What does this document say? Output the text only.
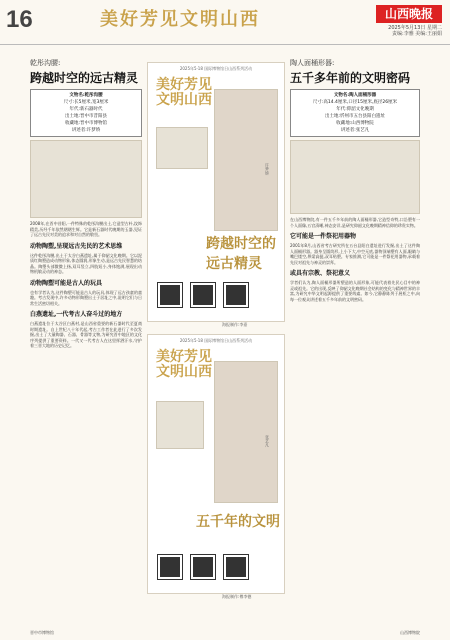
16	美好芳见文明山西	山西晚报
2025年5月13日 星期二
责编:李雅 美编:王丽娟
乾彤沟腰:
跨越时空的远古精灵
文物名:乾彤沟腰
尺寸:长5厘米,宽3厘米
年代:新石器时代
出土地:晋中市昔阳县
收藏地:晋中市博物馆
讲述者:许梦娇
2008年,在晋中昔阳,一件特殊的乾彤沟腰出土,它造型古朴,纹饰精美,历经千年依然熠熠生辉。它是新石器时代晚期的玉器,见证了远古先民对美的追求和对自然的敬畏。
动物陶塑,呈现远古先民的艺术思维
这件乾彤沟腰,出土于太谷白燕遗址,属于仰韶文化晚期。它以泥质红陶塑造成动物形象,体态圆润,形象生动,是远古先民智慧的结晶。陶塑头部微微上扬,双耳竖立,四肢短小,身体饱满,展现出动物机敏灵动的神态。
动物陶塑可能是古人的玩具
也有学者认为,这件陶塑可能是古人的玩具,体现了远古孩童的童趣。考古发现中,许多动物形陶塑出土于居址之中,说明它们与日常生活密切相关。
白燕遗址,一代考古人奋斗过的地方
白燕遗址位于太谷区白燕村,是山西省重要的新石器时代至夏商时期遗址。自上世纪八十年代起,考古工作者在此进行了多次发掘,出土了大量陶器、石器、骨器等文物,为研究晋中地区的文化序列提供了重要资料。一代又一代考古人在这里挥洒汗水,守护着三晋大地的历史记忆。
2025年5·18 国际博物馆日山西系列活动
美好芳见 文明山西
许梦娇
跨越时空的远古精灵

海报制作:李嘉
2025年5·18 国际博物馆日山西系列活动
美好芳见 文明山西
张艺凡
五千年的文明

海报制作:傅李德
陶人面桶形器:
五千多年前的文明密码
文物名:陶人面桶形器
尺寸:高14.4厘米,口径15厘米,底径26厘米
年代:仰韶文化晚期
出土地:忻州市五台县阳白遗址
收藏地:山西博物院
讲述者:张艺凡
在山西博物院,有一件五千多年前的陶人面桶形器,它造型奇特,口沿塑有一个人面像,五官清晰,神态安详,是研究仰韶文化晚期精神信仰的珍贵实物。
它可能是一件祭祀用器物
2001年8月,山西省考古研究所在五台县阳白遗址进行发掘,出土了这件陶人面桶形器。器身呈圆筒形,上小下大,中空无底,器物顶端塑有人面,眼睛与嘴巴镂空,鼻梁高挺,双耳贴塑。专家推测,它可能是一件祭祀用器物,承载着先民对祖先与神灵的崇拜。
或具有宗教、祭祀意义
学者们认为,陶人面桶形器所塑造的人面形象,可能代表着先民心目中的神灵或祖先。它的出现,反映了仰韶文化晚期社会结构的变化与精神世界的丰富,为研究中华文明起源提供了重要线索。如今,它静静陈列于展柜之中,向每一位观众讲述着五千多年前的文明密码。
晋中市博物馆	山西博物院
